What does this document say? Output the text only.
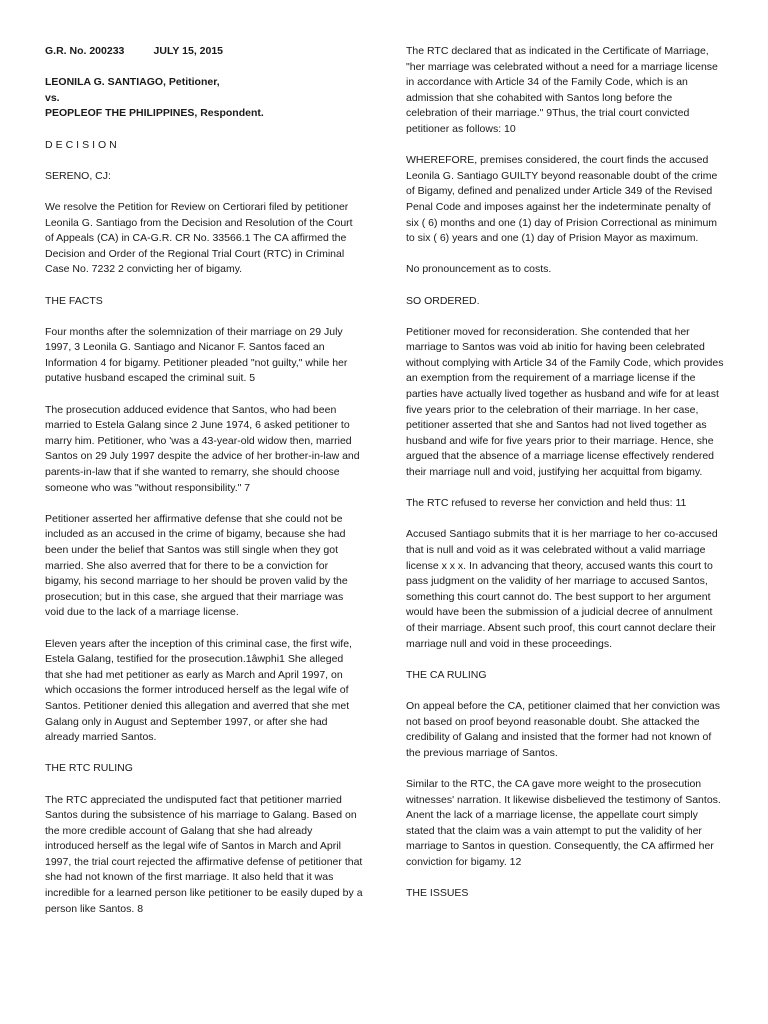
G.R. No. 200233          JULY 15, 2015

LEONILA G. SANTIAGO, Petitioner,

vs.

PEOPLEOF THE PHILIPPINES, Respondent.

DECISION

SERENO, CJ:

We resolve the Petition for Review on Certiorari filed by petitioner Leonila G. Santiago from the Decision and Resolution of the Court of Appeals (CA) in CA-G.R. CR No. 33566.1 The CA affirmed the Decision and Order of the Regional Trial Court (RTC) in Criminal Case No. 7232 2 convicting her of bigamy.

THE FACTS

Four months after the solemnization of their marriage on 29 July 1997, 3 Leonila G. Santiago and Nicanor F. Santos faced an Information 4 for bigamy. Petitioner pleaded "not guilty," while her putative husband escaped the criminal suit. 5

The prosecution adduced evidence that Santos, who had been married to Estela Galang since 2 June 1974, 6 asked petitioner to marry him. Petitioner, who 'was a 43-year-old widow then, married Santos on 29 July 1997 despite the advice of her brother-in-law and parents-in-law that if she wanted to remarry, she should choose someone who was "without responsibility." 7

Petitioner asserted her affirmative defense that she could not be included as an accused in the crime of bigamy, because she had been under the belief that Santos was still single when they got married. She also averred that for there to be a conviction for bigamy, his second marriage to her should be proven valid by the prosecution; but in this case, she argued that their marriage was void due to the lack of a marriage license.

Eleven years after the inception of this criminal case, the first wife, Estela Galang, testified for the prosecution.1âwphi1 She alleged that she had met petitioner as early as March and April 1997, on which occasions the former introduced herself as the legal wife of Santos. Petitioner denied this allegation and averred that she met Galang only in August and September 1997, or after she had already married Santos.

THE RTC RULING

The RTC appreciated the undisputed fact that petitioner married Santos during the subsistence of his marriage to Galang. Based on the more credible account of Galang that she had already introduced herself as the legal wife of Santos in March and April 1997, the trial court rejected the affirmative defense of petitioner that she had not known of the first marriage. It also held that it was incredible for a learned person like petitioner to be easily duped by a person like Santos. 8

The RTC declared that as indicated in the Certificate of Marriage, "her marriage was celebrated without a need for a marriage license in accordance with Article 34 of the Family Code, which is an admission that she cohabited with Santos long before the celebration of their marriage." 9Thus, the trial court convicted petitioner as follows: 10

WHEREFORE, premises considered, the court finds the accused Leonila G. Santiago GUILTY beyond reasonable doubt of the crime of Bigamy, defined and penalized under Article 349 of the Revised Penal Code and imposes against her the indeterminate penalty of six ( 6) months and one (1) day of Prision Correctional as minimum to six ( 6) years and one (1) day of Prision Mayor as maximum.

No pronouncement as to costs.

SO ORDERED.

Petitioner moved for reconsideration. She contended that her marriage to Santos was void ab initio for having been celebrated without complying with Article 34 of the Family Code, which provides an exemption from the requirement of a marriage license if the parties have actually lived together as husband and wife for at least five years prior to the celebration of their marriage. In her case, petitioner asserted that she and Santos had not lived together as husband and wife for five years prior to their marriage. Hence, she argued that the absence of a marriage license effectively rendered their marriage null and void, justifying her acquittal from bigamy.

The RTC refused to reverse her conviction and held thus: 11

Accused Santiago submits that it is her marriage to her co-accused that is null and void as it was celebrated without a valid marriage license x x x. In advancing that theory, accused wants this court to pass judgment on the validity of her marriage to accused Santos, something this court cannot do. The best support to her argument would have been the submission of a judicial decree of annulment of their marriage. Absent such proof, this court cannot declare their marriage null and void in these proceedings.

THE CA RULING

On appeal before the CA, petitioner claimed that her conviction was not based on proof beyond reasonable doubt. She attacked the credibility of Galang and insisted that the former had not known of the previous marriage of Santos.

Similar to the RTC, the CA gave more weight to the prosecution witnesses' narration. It likewise disbelieved the testimony of Santos. Anent the lack of a marriage license, the appellate court simply stated that the claim was a vain attempt to put the validity of her marriage to Santos in question. Consequently, the CA affirmed her conviction for bigamy. 12

THE ISSUES
